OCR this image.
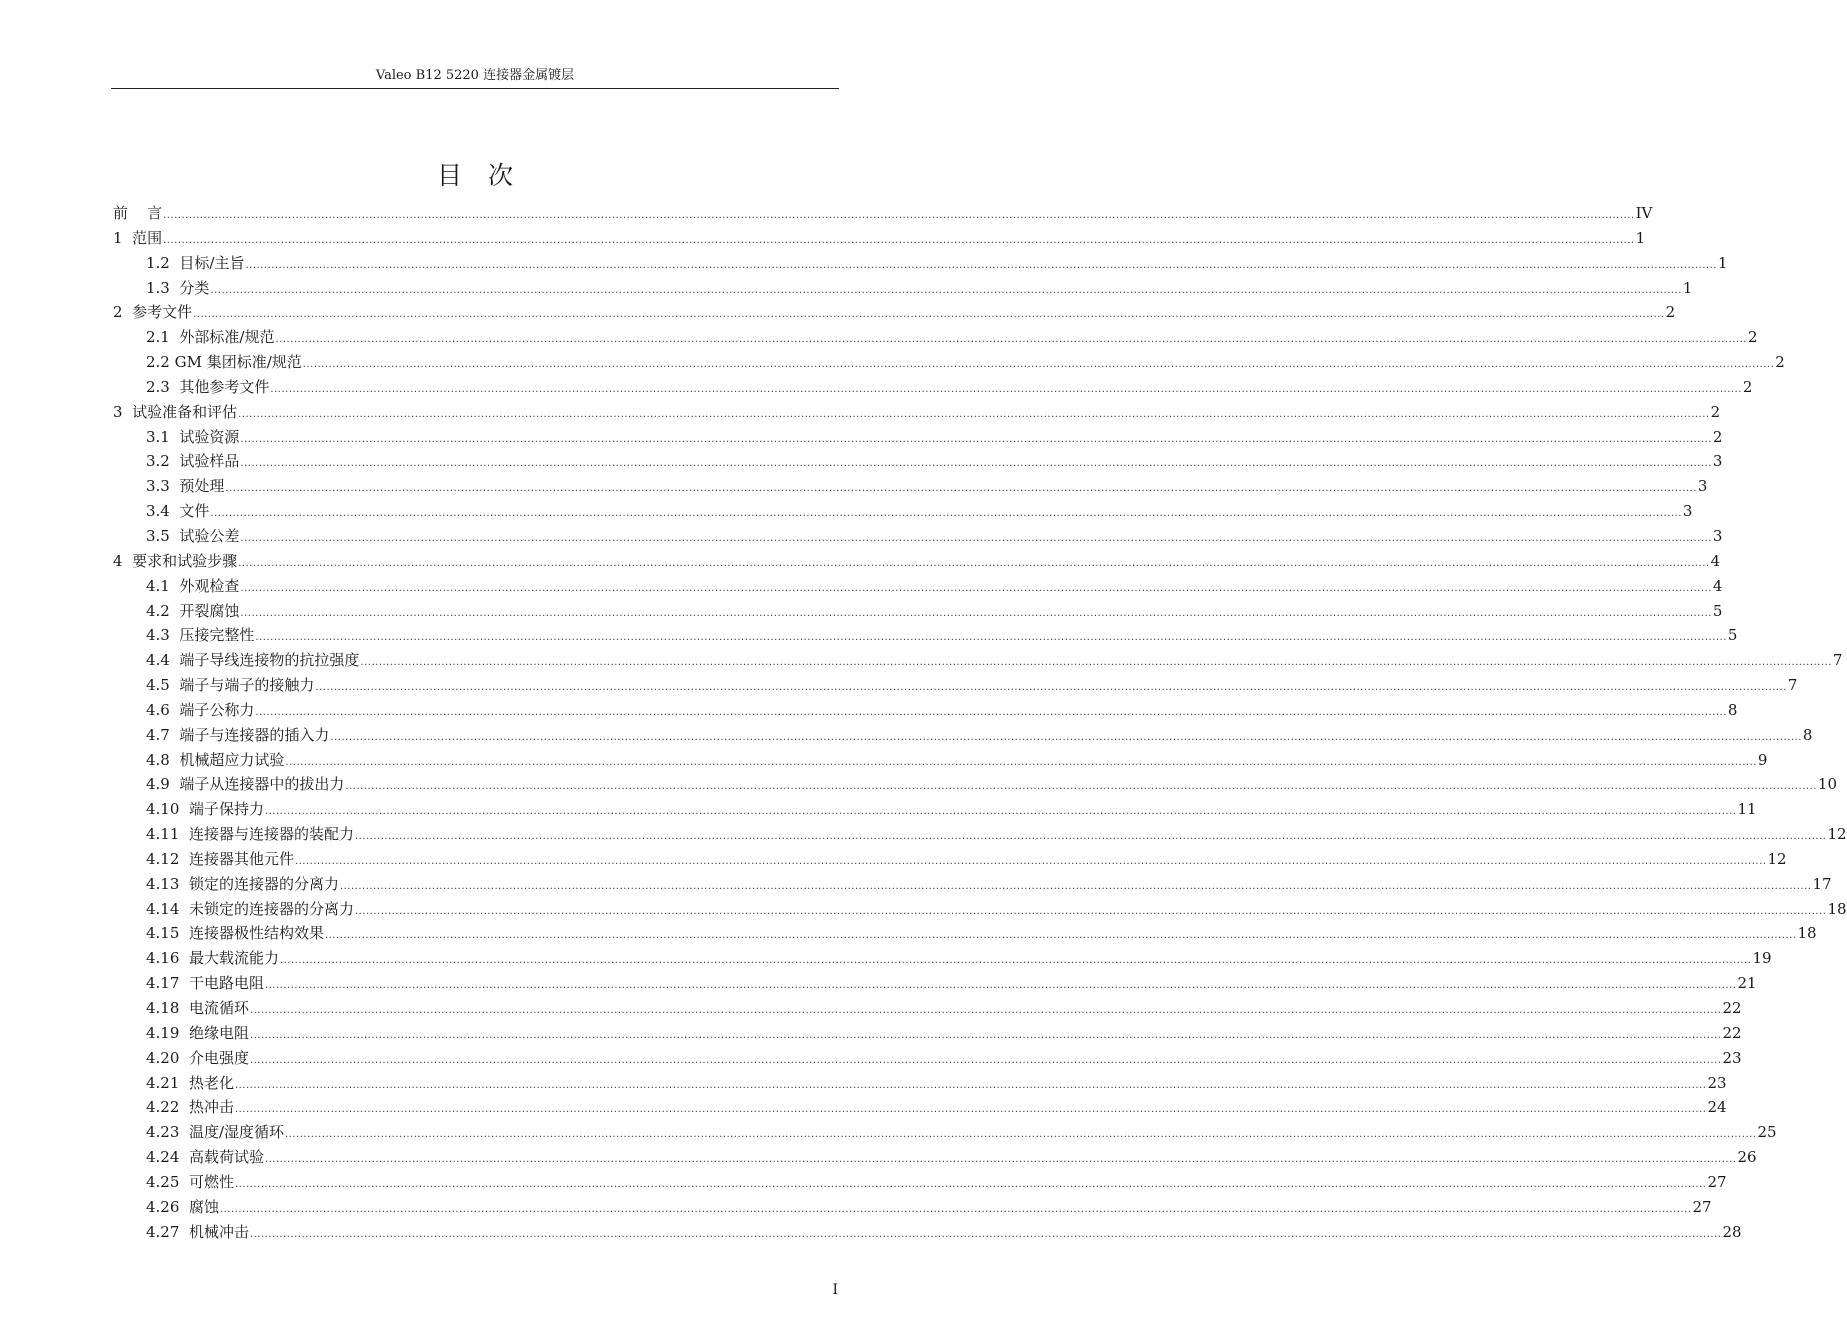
Valeo B12 5220 连接器金属镀层
目次
前    言 ................................................................................................................................................................................................................................................................................................................................................................................................................ IV
1 范围 ................................................................................................................................................................................................................................................................................................................................................................................................................ 1
1.2 目标/主旨 ................................................................................................................................................................................................................................................................................................................................................................................................................ 1
1.3 分类 ................................................................................................................................................................................................................................................................................................................................................................................................................ 1
2 参考文件 ................................................................................................................................................................................................................................................................................................................................................................................................................ 2
2.1 外部标准/规范 ................................................................................................................................................................................................................................................................................................................................................................................................................ 2
2.2 GM 集团标准/规范 ................................................................................................................................................................................................................................................................................................................................................................................................................ 2
2.3 其他参考文件 ................................................................................................................................................................................................................................................................................................................................................................................................................ 2
3 试验准备和评估 ................................................................................................................................................................................................................................................................................................................................................................................................................ 2
3.1 试验资源 ................................................................................................................................................................................................................................................................................................................................................................................................................ 2
3.2 试验样品 ................................................................................................................................................................................................................................................................................................................................................................................................................ 3
3.3 预处理 ................................................................................................................................................................................................................................................................................................................................................................................................................ 3
3.4 文件 ................................................................................................................................................................................................................................................................................................................................................................................................................ 3
3.5 试验公差 ................................................................................................................................................................................................................................................................................................................................................................................................................ 3
4 要求和试验步骤 ................................................................................................................................................................................................................................................................................................................................................................................................................ 4
4.1 外观检查 ................................................................................................................................................................................................................................................................................................................................................................................................................ 4
4.2 开裂腐蚀 ................................................................................................................................................................................................................................................................................................................................................................................................................ 5
4.3 压接完整性 ................................................................................................................................................................................................................................................................................................................................................................................................................ 5
4.4 端子导线连接物的抗拉强度 ................................................................................................................................................................................................................................................................................................................................................................................................................ 7
4.5 端子与端子的接触力 ................................................................................................................................................................................................................................................................................................................................................................................................................ 7
4.6 端子公称力 ................................................................................................................................................................................................................................................................................................................................................................................................................ 8
4.7 端子与连接器的插入力 ................................................................................................................................................................................................................................................................................................................................................................................................................ 8
4.8 机械超应力试验 ................................................................................................................................................................................................................................................................................................................................................................................................................ 9
4.9 端子从连接器中的拔出力 ................................................................................................................................................................................................................................................................................................................................................................................................................ 10
4.10 端子保持力 ................................................................................................................................................................................................................................................................................................................................................................................................................ 11
4.11 连接器与连接器的装配力 ................................................................................................................................................................................................................................................................................................................................................................................................................ 12
4.12 连接器其他元件 ................................................................................................................................................................................................................................................................................................................................................................................................................ 12
4.13 锁定的连接器的分离力 ................................................................................................................................................................................................................................................................................................................................................................................................................ 17
4.14 未锁定的连接器的分离力 ................................................................................................................................................................................................................................................................................................................................................................................................................ 18
4.15 连接器极性结构效果 ................................................................................................................................................................................................................................................................................................................................................................................................................ 18
4.16 最大载流能力 ................................................................................................................................................................................................................................................................................................................................................................................................................ 19
4.17 干电路电阻 ................................................................................................................................................................................................................................................................................................................................................................................................................ 21
4.18 电流循环 ................................................................................................................................................................................................................................................................................................................................................................................................................ 22
4.19 绝缘电阻 ................................................................................................................................................................................................................................................................................................................................................................................................................ 22
4.20 介电强度 ................................................................................................................................................................................................................................................................................................................................................................................................................ 23
4.21 热老化 ................................................................................................................................................................................................................................................................................................................................................................................................................ 23
4.22 热冲击 ................................................................................................................................................................................................................................................................................................................................................................................................................ 24
4.23 温度/湿度循环 ................................................................................................................................................................................................................................................................................................................................................................................................................ 25
4.24 高载荷试验 ................................................................................................................................................................................................................................................................................................................................................................................................................ 26
4.25 可燃性 ................................................................................................................................................................................................................................................................................................................................................................................................................ 27
4.26 腐蚀 ................................................................................................................................................................................................................................................................................................................................................................................................................ 27
4.27 机械冲击 ................................................................................................................................................................................................................................................................................................................................................................................................................ 28
I
